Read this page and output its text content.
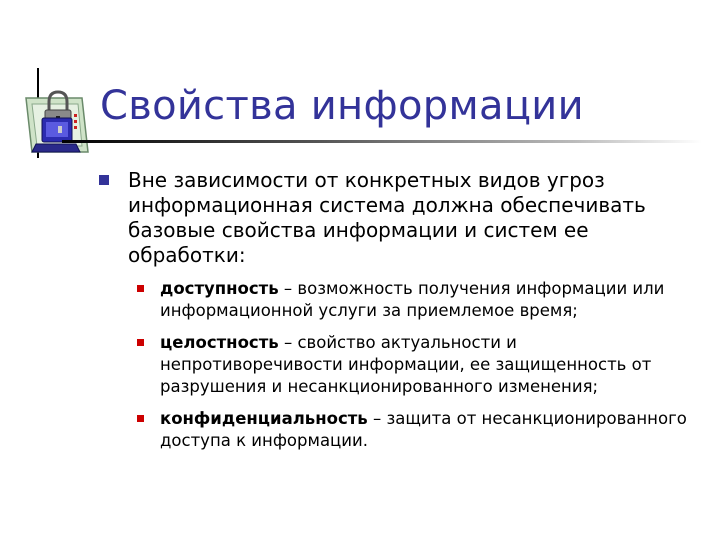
Свойства информации
Вне зависимости от конкретных видов угроз информационная система должна обеспечивать базовые свойства информации и систем ее обработки:
доступность – возможность получения информации или информационной услуги за приемлемое время;
целостность – свойство актуальности и непротиворечивости информации, ее защищенность от разрушения и несанкционированного изменения;
конфиденциальность – защита от несанкционированного доступа к информации.
